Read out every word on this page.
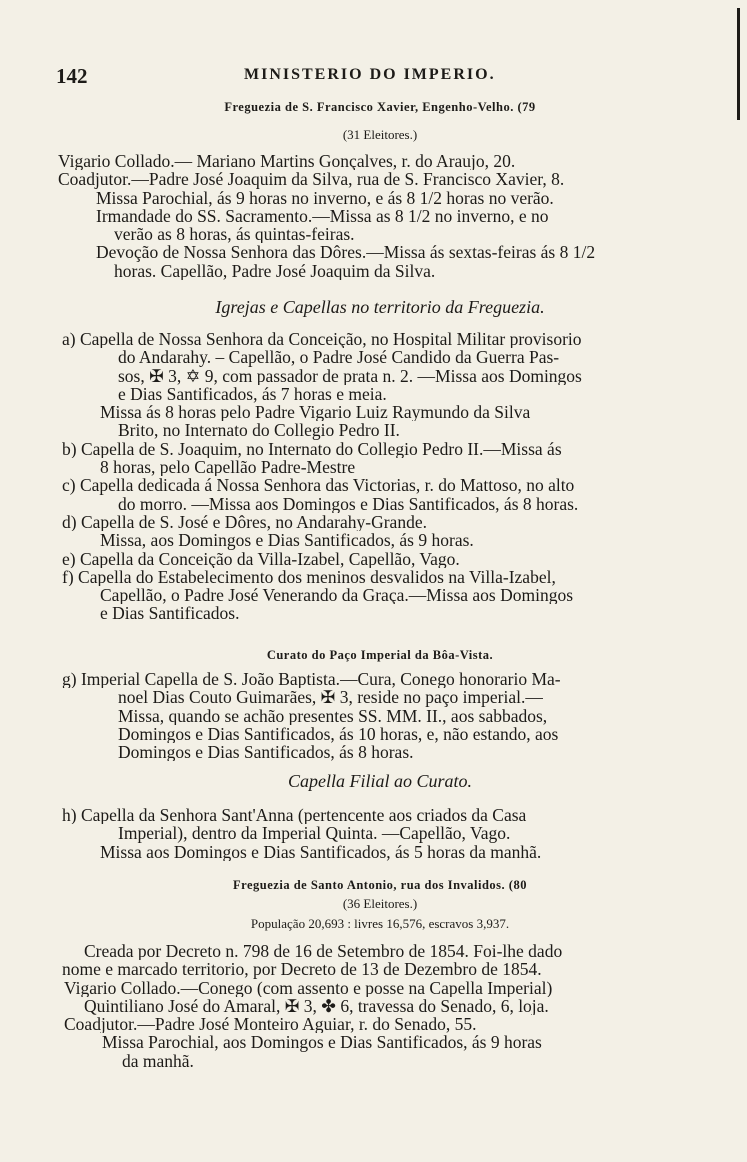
142	MINISTERIO DO IMPERIO.
Freguezia de S. Francisco Xavier, Engenho-Velho. (79
(31 Eleitores.)
Vigario Collado.— Mariano Martins Gonçalves, r. do Araujo, 20.
Coadjutor.—Padre José Joaquim da Silva, rua de S. Francisco Xavier, 8.
Missa Parochial, ás 9 horas no inverno, e ás 8 1/2 horas no verão.
Irmandade do SS. Sacramento.—Missa as 8 1/2 no inverno, e no
verão as 8 horas, ás quintas-feiras.
Devoção de Nossa Senhora das Dôres.—Missa ás sextas-feiras ás 8 1/2
horas. Capellão, Padre José Joaquim da Silva.
Igrejas e Capellas no territorio da Freguezia.
a) Capella de Nossa Senhora da Conceição, no Hospital Militar provisorio
do Andarahy. – Capellão, o Padre José Candido da Guerra Pas-
sos, ✠ 3, ✡ 9, com passador de prata n. 2. —Missa aos Domingos
e Dias Santificados, ás 7 horas e meia.
Missa ás 8 horas pelo Padre Vigario Luiz Raymundo da Silva
Brito, no Internato do Collegio Pedro II.
b) Capella de S. Joaquim, no Internato do Collegio Pedro II.—Missa ás
8 horas, pelo Capellão Padre-Mestre
c) Capella dedicada á Nossa Senhora das Victorias, r. do Mattoso, no alto
do morro. —Missa aos Domingos e Dias Santificados, ás 8 horas.
d) Capella de S. José e Dôres, no Andarahy-Grande.
Missa, aos Domingos e Dias Santificados, ás 9 horas.
e) Capella da Conceição da Villa-Izabel, Capellão, Vago.
f) Capella do Estabelecimento dos meninos desvalidos na Villa-Izabel,
Capellão, o Padre José Venerando da Graça.—Missa aos Domingos
e Dias Santificados.
Curato do Paço Imperial da Bôa-Vista.
g) Imperial Capella de S. João Baptista.—Cura, Conego honorario Ma-
noel Dias Couto Guimarães, ✠ 3, reside no paço imperial.—
Missa, quando se achão presentes SS. MM. II., aos sabbados,
Domingos e Dias Santificados, ás 10 horas, e, não estando, aos
Domingos e Dias Santificados, ás 8 horas.
Capella Filial ao Curato.
h) Capella da Senhora Sant'Anna (pertencente aos criados da Casa
Imperial), dentro da Imperial Quinta. —Capellão, Vago.
Missa aos Domingos e Dias Santificados, ás 5 horas da manhã.
Freguezia de Santo Antonio, rua dos Invalidos. (80
(36 Eleitores.)
População 20,693 : livres 16,576, escravos 3,937.
Creada por Decreto n. 798 de 16 de Setembro de 1854. Foi-lhe dado
nome e marcado territorio, por Decreto de 13 de Dezembro de 1854.
Vigario Collado.—Conego (com assento e posse na Capella Imperial)
Quintiliano José do Amaral, ✠ 3, ✤ 6, travessa do Senado, 6, loja.
Coadjutor.—Padre José Monteiro Aguiar, r. do Senado, 55.
Missa Parochial, aos Domingos e Dias Santificados, ás 9 horas
da manhã.
